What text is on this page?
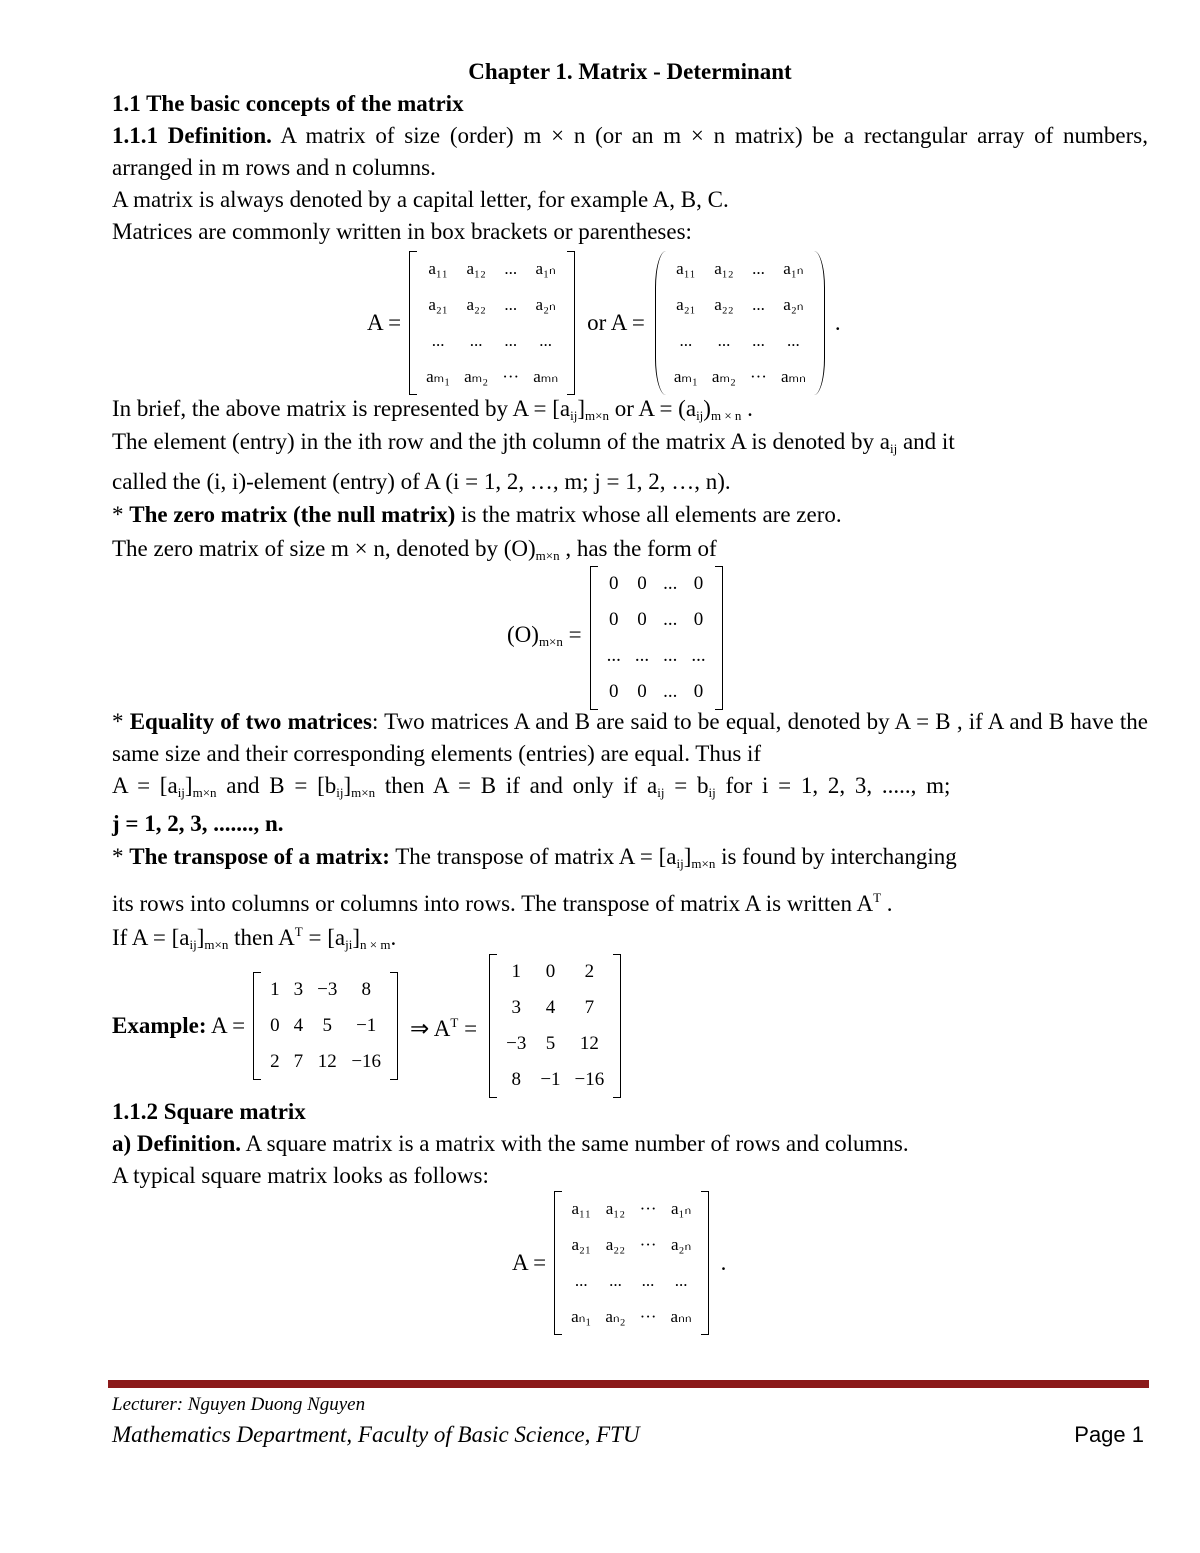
Chapter 1. Matrix - Determinant
1.1 The basic concepts of the matrix
1.1.1 Definition. A matrix of size (order) m × n (or an m × n matrix) be a rectangular array of numbers, arranged in m rows and n columns.
A matrix is always denoted by a capital letter, for example A, B, C.
Matrices are commonly written in box brackets or parentheses:
A =
a₁₁	a₁₂	...	a₁ₙ
a₂₁	a₂₂	...	a₂ₙ
...	...	...	...
aₘ₁	aₘ₂	···	aₘₙ
or A =
a₁₁	a₁₂	...	a₁ₙ
a₂₁	a₂₂	...	a₂ₙ
...	...	...	...
aₘ₁	aₘ₂	···	aₘₙ
.
In brief, the above matrix is represented by $A = [a_{ij}]_{m\times n}$ or $A = (a_{ij})_{m \times n}$ .
The element (entry) in the ith row and the jth column of the matrix A is denoted by $a_{ij}$ and it
called the (i, i)-element (entry) of A (i = 1, 2, …, m; j = 1, 2, …, n).
* The zero matrix (the null matrix) is the matrix whose all elements are zero.
The zero matrix of size m × n, denoted by $(O)_{m\times n}$ , has the form of
$(O)_{m\times n}$ =
0	0	...	0
0	0	...	0
...	...	...	...
0	0	...	0
* Equality of two matrices: Two matrices A and B are said to be equal, denoted by A = B , if A and B have the same size and their corresponding elements (entries) are equal. Thus if
$A = [a_{ij}]_{m\times n}$ and $B = [b_{ij}]_{m\times n}$ then A = B if and only if $a_{ij} = b_{ij}$ for i = 1, 2, 3, ....., m;
j = 1, 2, 3, ......., n.
* The transpose of a matrix: The transpose of matrix $A = [a_{ij}]_{m\times n}$ is found by interchanging
its rows into columns or columns into rows. The transpose of matrix A is written $A^T$ .
If $A = [a_{ij}]_{m\times n}$ then $A^T = [a_{ji}]_{n \times m}$.
Example: A =
1	3	−3	8
0	4	5	−1
2	7	12	−16
⇒ $A^T$ =
1	0	2
3	4	7
−3	5	12
8	−1	−16
1.1.2 Square matrix
a) Definition. A square matrix is a matrix with the same number of rows and columns.
A typical square matrix looks as follows:
A =
a₁₁	a₁₂	···	a₁ₙ
a₂₁	a₂₂	···	a₂ₙ
...	...	...	...
aₙ₁	aₙ₂	···	aₙₙ
.
Lecturer: Nguyen Duong Nguyen
Mathematics Department, Faculty of Basic Science, FTU	Page 1
